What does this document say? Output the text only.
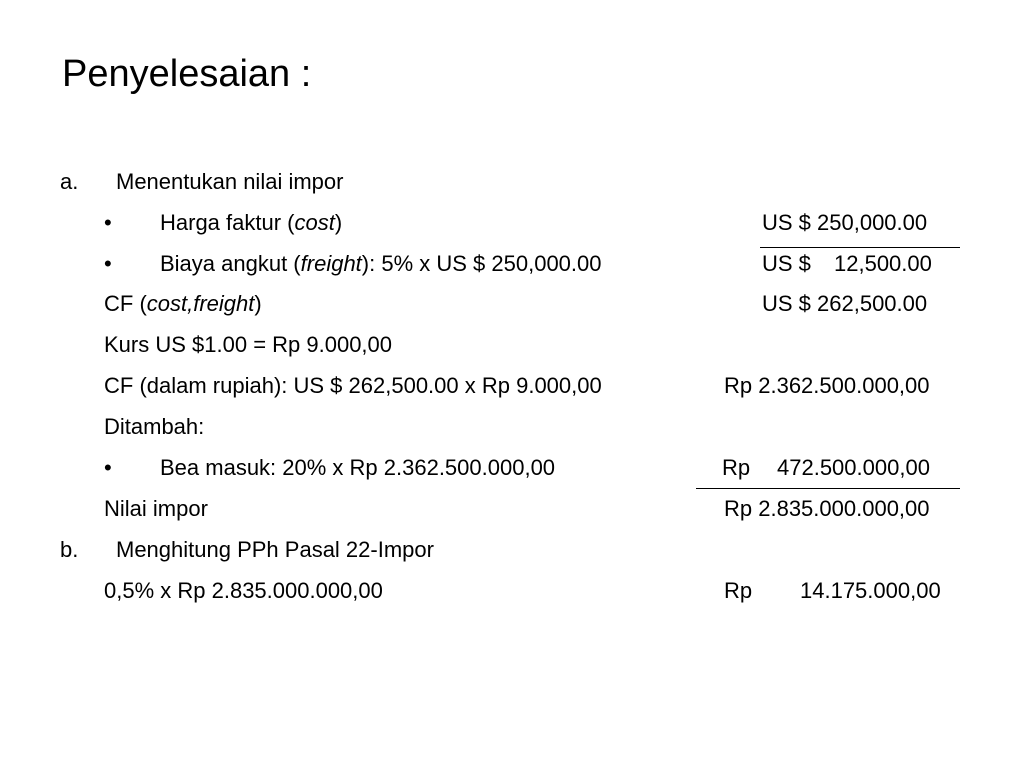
Penyelesaian :
a. Menentukan nilai impor
• Harga faktur (cost)	US $ 250,000.00
• Biaya angkut (freight): 5% x US $ 250,000.00	US $ 12,500.00
CF (cost,freight)	US $ 262,500.00
Kurs US $1.00 = Rp 9.000,00
CF (dalam rupiah): US $ 262,500.00 x Rp 9.000,00	Rp 2.362.500.000,00
Ditambah:
• Bea masuk: 20% x Rp 2.362.500.000,00	Rp 472.500.000,00
Nilai impor	Rp 2.835.000.000,00
b. Menghitung PPh Pasal 22-Impor
0,5% x Rp 2.835.000.000,00	Rp 14.175.000,00
